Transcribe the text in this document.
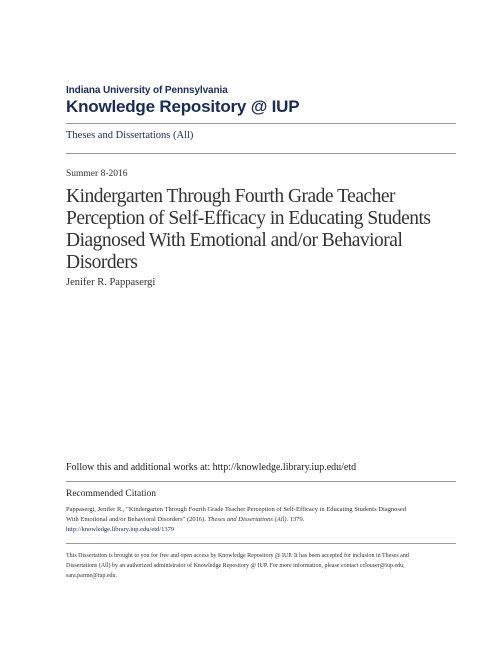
Indiana University of Pennsylvania
Knowledge Repository @ IUP
Theses and Dissertations (All)
Summer 8-2016
Kindergarten Through Fourth Grade Teacher
Perception of Self-Efficacy in Educating Students
Diagnosed With Emotional and/or Behavioral
Disorders
Jenifer R. Pappasergi
Follow this and additional works at: http://knowledge.library.iup.edu/etd
Recommended Citation
Pappasergi, Jenifer R., "Kindergarten Through Fourth Grade Teacher Perception of Self-Efficacy in Educating Students Diagnosed
With Emotional and/or Behavioral Disorders" (2016). Theses and Dissertations (All). 1379.
http://knowledge.library.iup.edu/etd/1379
This Dissertation is brought to you for free and open access by Knowledge Repository @ IUP. It has been accepted for inclusion in Theses and
Dissertations (All) by an authorized administrator of Knowledge Repository @ IUP. For more information, please contact cclouser@iup.edu,
sara.parme@iup.edu.
